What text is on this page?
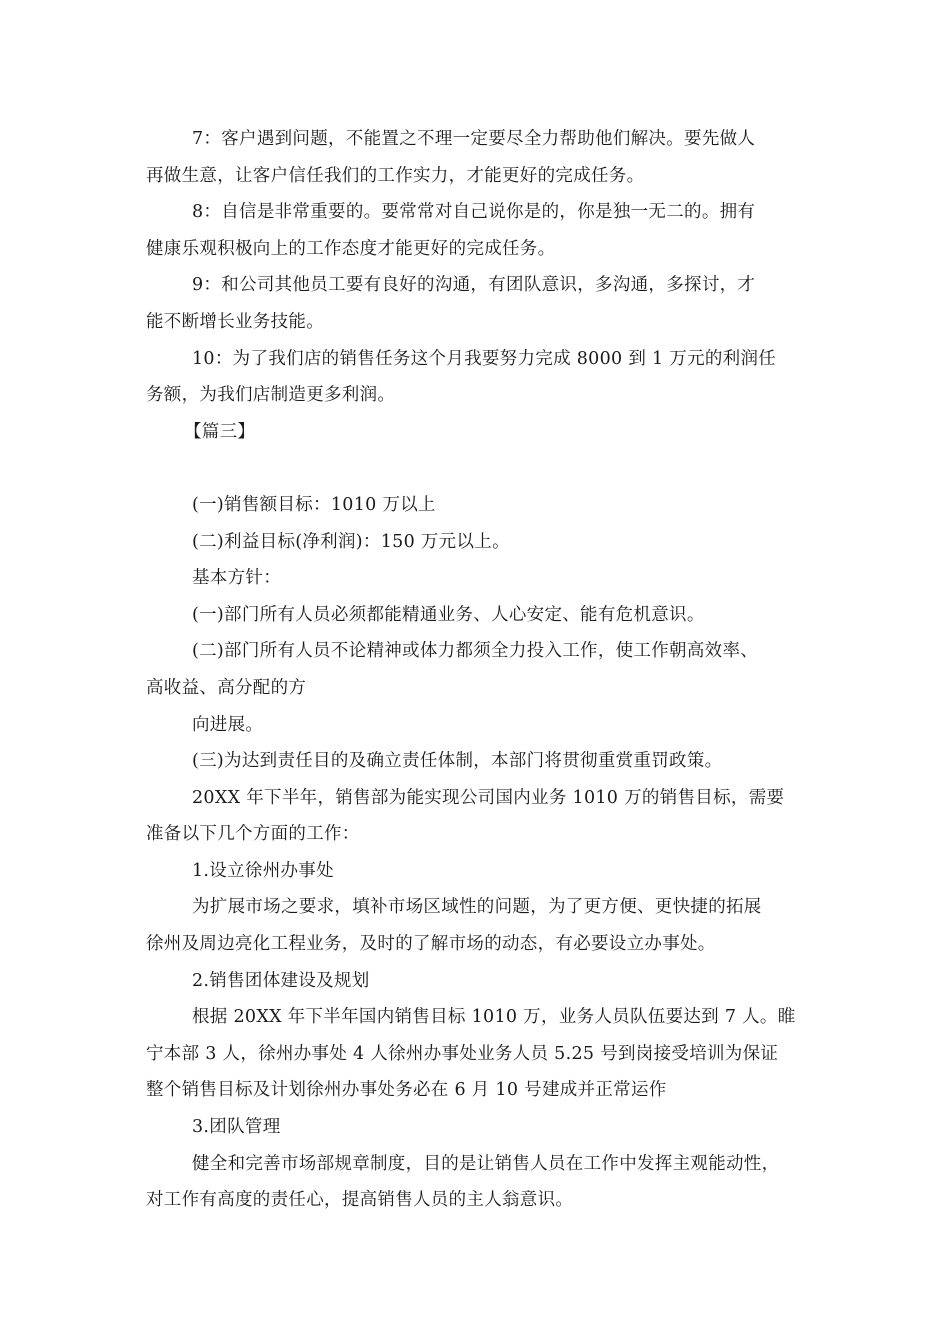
7：客户遇到问题，不能置之不理一定要尽全力帮助他们解决。要先做人
再做生意，让客户信任我们的工作实力，才能更好的完成任务。
8：自信是非常重要的。要常常对自己说你是的，你是独一无二的。拥有
健康乐观积极向上的工作态度才能更好的完成任务。
9：和公司其他员工要有良好的沟通，有团队意识，多沟通，多探讨，才
能不断增长业务技能。
10：为了我们店的销售任务这个月我要努力完成 8000 到 1 万元的利润任
务额，为我们店制造更多利润。
【篇三】
(一)销售额目标：1010 万以上
(二)利益目标(净利润)：150 万元以上。
基本方针：
(一)部门所有人员必须都能精通业务、人心安定、能有危机意识。
(二)部门所有人员不论精神或体力都须全力投入工作，使工作朝高效率、
高收益、高分配的方
向进展。
(三)为达到责任目的及确立责任体制，本部门将贯彻重赏重罚政策。
20XX 年下半年，销售部为能实现公司国内业务 1010 万的销售目标，需要
准备以下几个方面的工作：
1.设立徐州办事处
为扩展市场之要求，填补市场区域性的问题，为了更方便、更快捷的拓展
徐州及周边亮化工程业务，及时的了解市场的动态，有必要设立办事处。
2.销售团体建设及规划
根据 20XX 年下半年国内销售目标 1010 万，业务人员队伍要达到 7 人。睢
宁本部 3 人，徐州办事处 4 人徐州办事处业务人员 5.25 号到岗接受培训为保证
整个销售目标及计划徐州办事处务必在 6 月 10 号建成并正常运作
3.团队管理
健全和完善市场部规章制度，目的是让销售人员在工作中发挥主观能动性，
对工作有高度的责任心，提高销售人员的主人翁意识。
